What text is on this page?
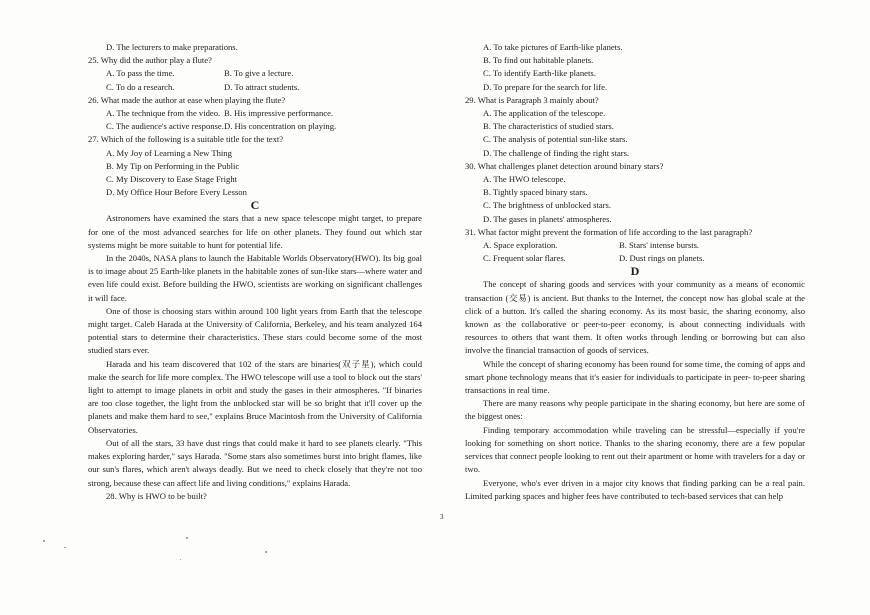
D. The lecturers to make preparations.
25. Why did the author play a flute?
A. To pass the time.	B. To give a lecture.
C. To do a research.	D. To attract students.
26. What made the author at ease when playing the flute?
A. The technique from the video. B. His impressive performance.
C. The audience's active response. D. His concentration on playing.
27. Which of the following is a suitable title for the text?
A. My Joy of Learning a New Thing
B. My Tip on Performing in the Public
C. My Discovery to Ease Stage Fright
D. My Office Hour Before Every Lesson
C

Astronomers have examined the stars that a new space telescope might target, to prepare for one of the most advanced searches for life on other planets. They found out which star systems might be more suitable to hunt for potential life.

In the 2040s, NASA plans to launch the Habitable Worlds Observatory(HWO). Its big goal is to image about 25 Earth-like planets in the habitable zones of sun-like stars—where water and even life could exist. Before building the HWO, scientists are working on significant challenges it will face.

One of those is choosing stars within around 100 light years from Earth that the telescope might target. Caleb Harada at the University of California, Berkeley, and his team analyzed 164 potential stars to determine their characteristics. These stars could become some of the most studied stars ever.

Harada and his team discovered that 102 of the stars are binaries(双子星), which could make the search for life more complex. The HWO telescope will use a tool to block out the stars' light to attempt to image planets in orbit and study the gases in their atmospheres. "If binaries are too close together, the light from the unblocked star will be so bright that it'll cover up the planets and make them hard to see," explains Bruce Macintosh from the University of California Observatories.

Out of all the stars, 33 have dust rings that could make it hard to see planets clearly. "This makes exploring harder," says Harada. "Some stars also sometimes burst into bright flames, like our sun's flares, which aren't always deadly. But we need to check closely that they're not too strong, because these can affect life and living conditions," explains Harada.

28. Why is HWO to be built?
A. To take pictures of Earth-like planets.
B. To find out habitable planets.
C. To identify Earth-like planets.
D. To prepare for the search for life.
29. What is Paragraph 3 mainly about?
A. The application of the telescope.
B. The characteristics of studied stars.
C. The analysis of potential sun-like stars.
D. The challenge of finding the right stars.
30. What challenges planet detection around binary stars?
A. The HWO telescope.
B. Tightly spaced binary stars.
C. The brightness of unblocked stars.
D. The gases in planets' atmospheres.
31. What factor might prevent the formation of life according to the last paragraph?
A. Space exploration.	B. Stars' intense bursts.
C. Frequent solar flares.	D. Dust rings on planets.
D

The concept of sharing goods and services with your community as a means of economic transaction (交易) is ancient. But thanks to the Internet, the concept now has global scale at the click of a button. It's called the sharing economy. As its most basic, the sharing economy, also known as the collaborative or peer-to-peer economy, is about connecting individuals with resources to others that want them. It often works through lending or borrowing but can also involve the financial transaction of goods of services.

While the concept of sharing economy has been round for some time, the coming of apps and smart phone technology means that it's easier for individuals to participate in peer- to-peer sharing transactions in real time.

There are many reasons why people participate in the sharing economy, but here are some of the biggest ones:

Finding temporary accommodation while traveling can be stressful—especially if you're looking for something on short notice. Thanks to the sharing economy, there are a few popular services that connect people looking to rent out their apartment or home with travelers for a day or two.

Everyone, who's ever driven in a major city knows that finding parking can be a real pain. Limited parking spaces and higher fees have contributed to tech-based services that can help

3
